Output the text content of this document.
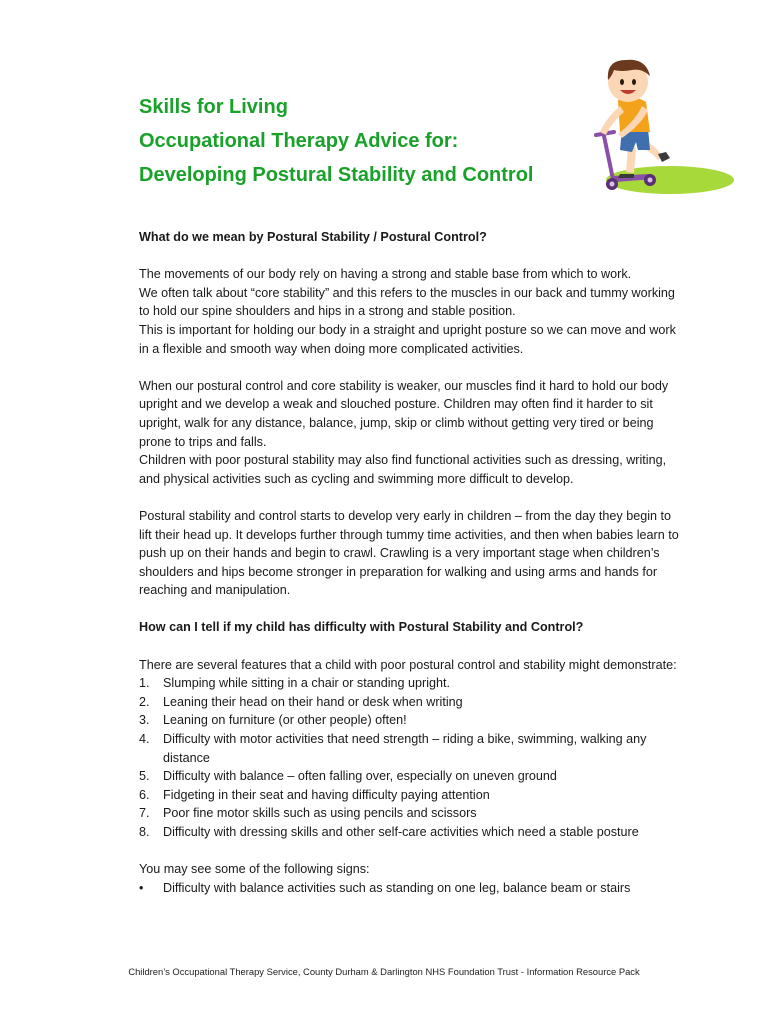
Skills for Living
Occupational Therapy Advice for:
Developing Postural Stability and Control
What do we mean by Postural Stability / Postural Control?

The movements of our body rely on having a strong and stable base from which to work.

We often talk about “core stability” and this refers to the muscles in our back and tummy working to hold our spine shoulders and hips in a strong and stable position.

This is important for holding our body in a straight and upright posture so we can move and work in a flexible and smooth way when doing more complicated activities.

When our postural control and core stability is weaker, our muscles find it hard to hold our body upright and we develop a weak and slouched posture. Children may often find it harder to sit upright, walk for any distance, balance, jump, skip or climb without getting very tired or being prone to trips and falls.

Children with poor postural stability may also find functional activities such as dressing, writing, and physical activities such as cycling and swimming more difficult to develop.

Postural stability and control starts to develop very early in children – from the day they begin to lift their head up. It develops further through tummy time activities, and then when babies learn to push up on their hands and begin to crawl. Crawling is a very important stage when children’s shoulders and hips become stronger in preparation for walking and using arms and hands for reaching and manipulation.

How can I tell if my child has difficulty with Postural Stability and Control?

There are several features that a child with poor postural control and stability might demonstrate:

1. Slumping while sitting in a chair or standing upright.
2. Leaning their head on their hand or desk when writing
3. Leaning on furniture (or other people) often!
4. Difficulty with motor activities that need strength – riding a bike, swimming, walking any distance
5. Difficulty with balance – often falling over, especially on uneven ground
6. Fidgeting in their seat and having difficulty paying attention
7. Poor fine motor skills such as using pencils and scissors
8. Difficulty with dressing skills and other self-care activities which need a stable posture

You may see some of the following signs:

• Difficulty with balance activities such as standing on one leg, balance beam or stairs
Children’s Occupational Therapy Service, County Durham & Darlington NHS Foundation Trust - Information Resource Pack
